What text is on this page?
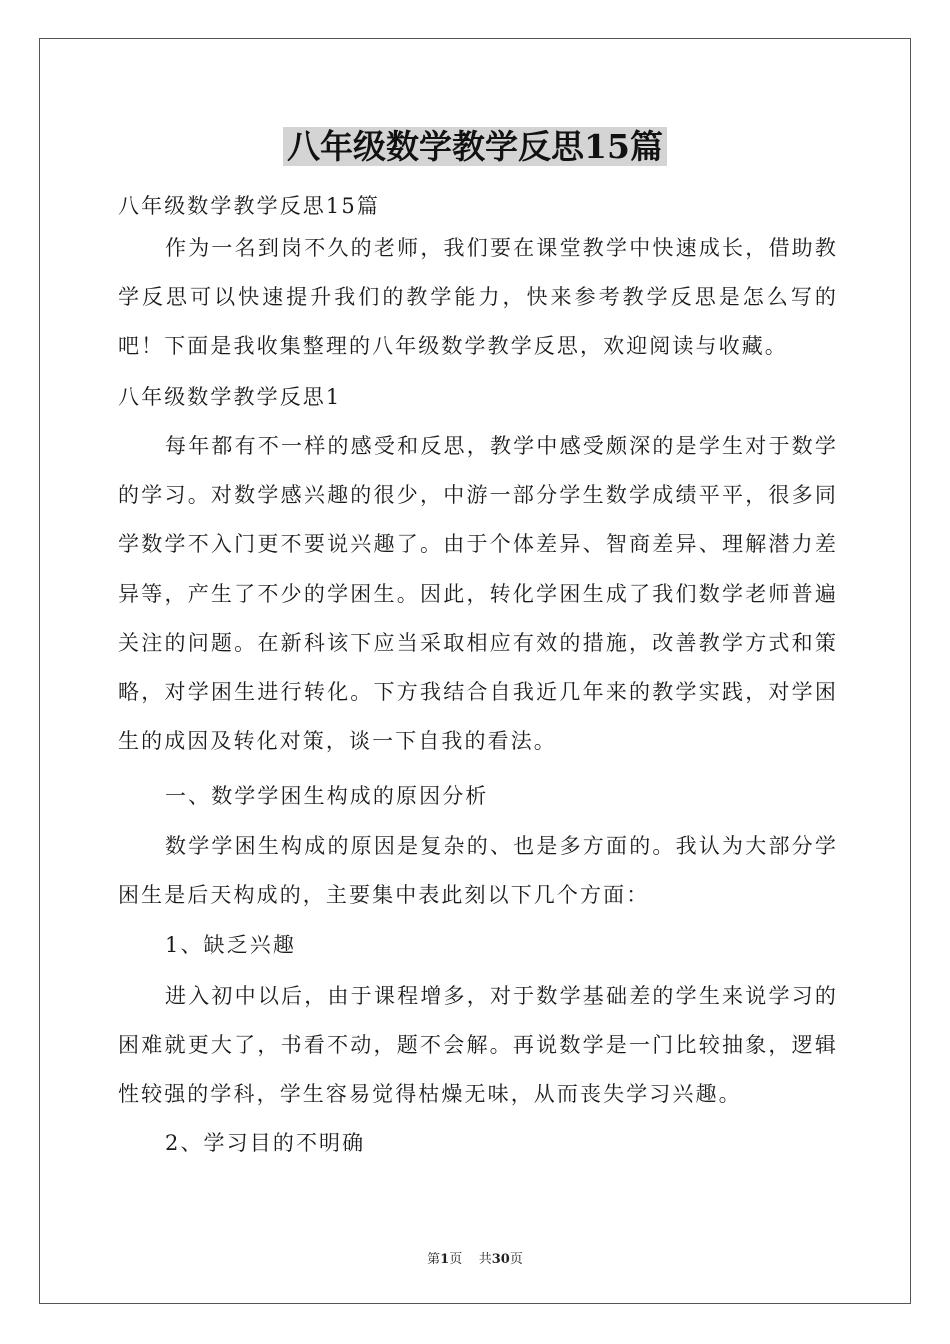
八年级数学教学反思15篇

八年级数学教学反思15篇

作为一名到岗不久的老师，我们要在课堂教学中快速成长，借助教学反思可以快速提升我们的教学能力，快来参考教学反思是怎么写的吧！下面是我收集整理的八年级数学教学反思，欢迎阅读与收藏。

八年级数学教学反思1

每年都有不一样的感受和反思，教学中感受颇深的是学生对于数学的学习。对数学感兴趣的很少，中游一部分学生数学成绩平平，很多同学数学不入门更不要说兴趣了。由于个体差异、智商差异、理解潜力差异等，产生了不少的学困生。因此，转化学困生成了我们数学老师普遍关注的问题。在新科该下应当采取相应有效的措施，改善教学方式和策略，对学困生进行转化。下方我结合自我近几年来的教学实践，对学困生的成因及转化对策，谈一下自我的看法。

一、数学学困生构成的原因分析

数学学困生构成的原因是复杂的、也是多方面的。我认为大部分学困生是后天构成的，主要集中表此刻以下几个方面：

1、缺乏兴趣

进入初中以后，由于课程增多，对于数学基础差的学生来说学习的困难就更大了，书看不动，题不会解。再说数学是一门比较抽象，逻辑性较强的学科，学生容易觉得枯燥无味，从而丧失学习兴趣。

2、学习目的不明确

第1页 共30页
